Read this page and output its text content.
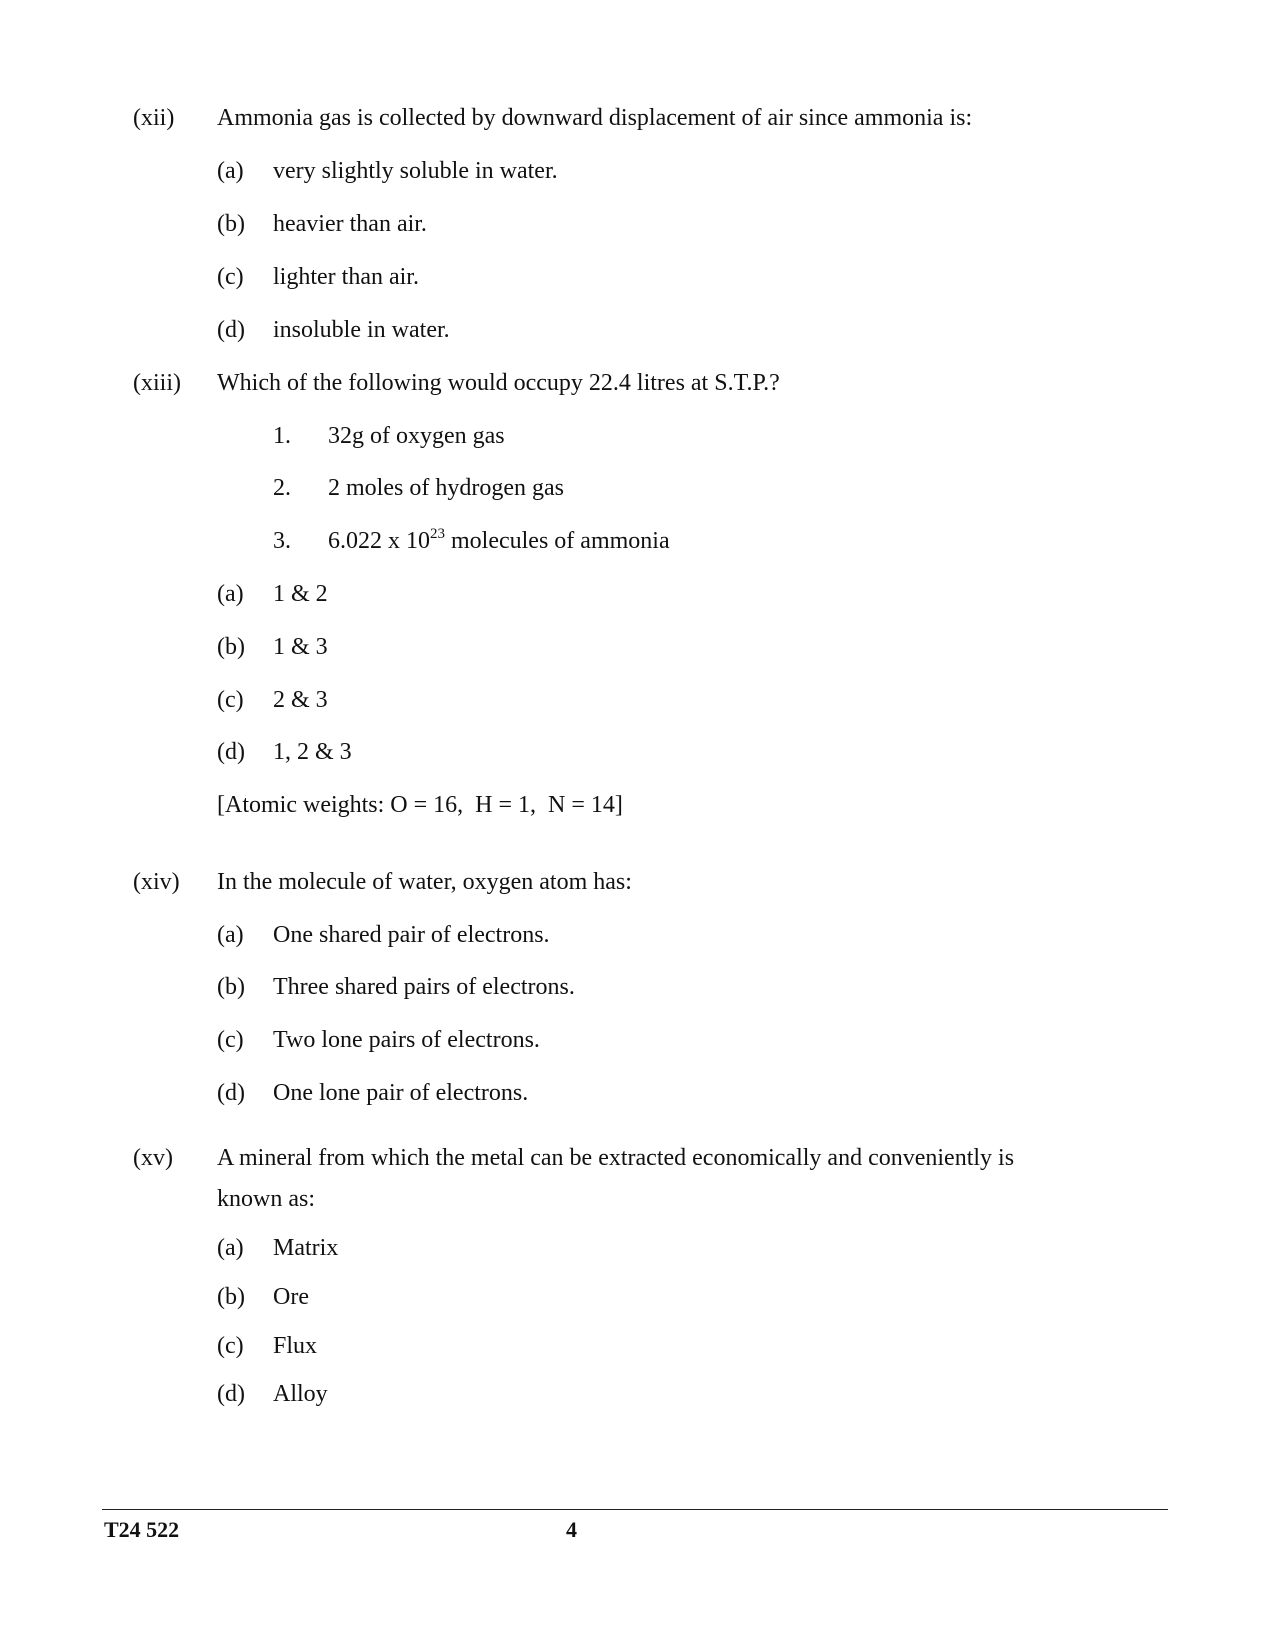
(xii) Ammonia gas is collected by downward displacement of air since ammonia is:
(a) very slightly soluble in water.
(b) heavier than air.
(c) lighter than air.
(d) insoluble in water.
(xiii) Which of the following would occupy 22.4 litres at S.T.P.?
1. 32g of oxygen gas
2. 2 moles of hydrogen gas
3. 6.022 x $10^{23}$ molecules of ammonia
(a) 1 & 2
(b) 1 & 3
(c) 2 & 3
(d) 1, 2 & 3
[Atomic weights: O = 16,  H = 1,  N = 14]
(xiv) In the molecule of water, oxygen atom has:
(a) One shared pair of electrons.
(b) Three shared pairs of electrons.
(c) Two lone pairs of electrons.
(d) One lone pair of electrons.
(xv) A mineral from which the metal can be extracted economically and conveniently is
known as:
(a) Matrix
(b) Ore
(c) Flux
(d) Alloy
T24 522	4
